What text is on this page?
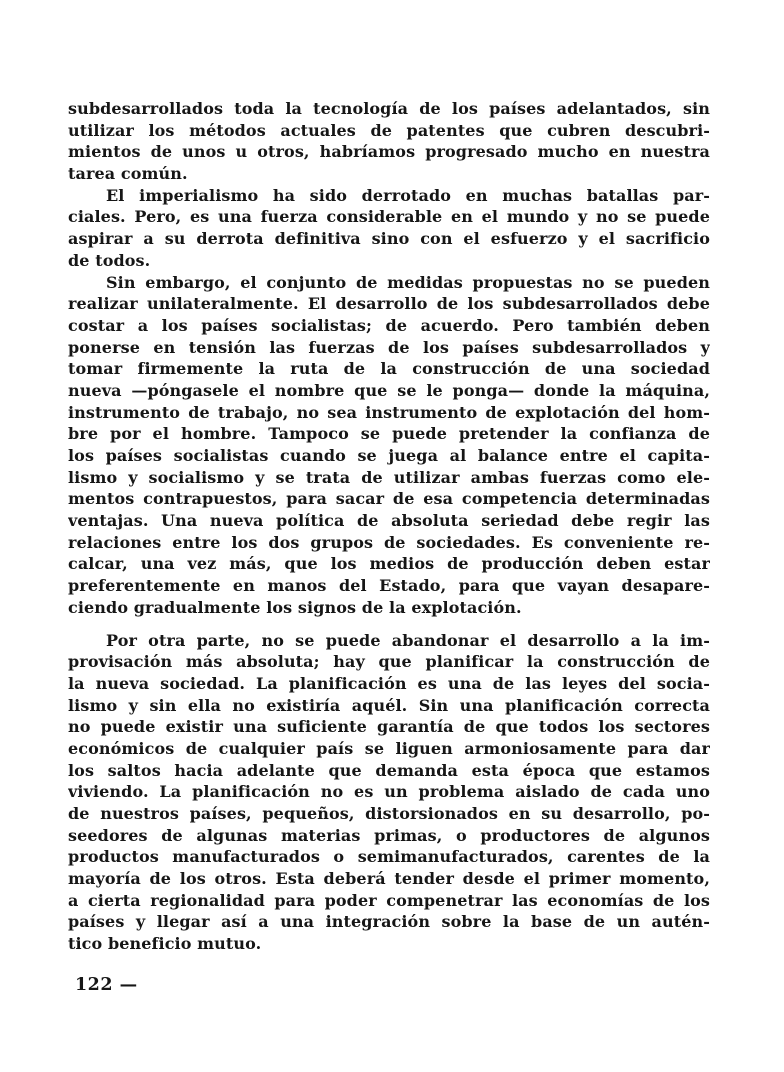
subdesarrollados toda la tecnología de los países adelantados, sin
utilizar los métodos actuales de patentes que cubren descubri-
mientos de unos u otros, habríamos progresado mucho en nuestra
tarea común.
El imperialismo ha sido derrotado en muchas batallas par-
ciales. Pero, es una fuerza considerable en el mundo y no se puede
aspirar a su derrota definitiva sino con el esfuerzo y el sacrificio
de todos.
Sin embargo, el conjunto de medidas propuestas no se pueden
realizar unilateralmente. El desarrollo de los subdesarrollados debe
costar a los países socialistas; de acuerdo. Pero también deben
ponerse en tensión las fuerzas de los países subdesarrollados y
tomar firmemente la ruta de la construcción de una sociedad
nueva —póngasele el nombre que se le ponga— donde la máquina,
instrumento de trabajo, no sea instrumento de explotación del hom-
bre por el hombre. Tampoco se puede pretender la confianza de
los países socialistas cuando se juega al balance entre el capita-
lismo y socialismo y se trata de utilizar ambas fuerzas como ele-
mentos contrapuestos, para sacar de esa competencia determinadas
ventajas. Una nueva política de absoluta seriedad debe regir las
relaciones entre los dos grupos de sociedades. Es conveniente re-
calcar, una vez más, que los medios de producción deben estar
preferentemente en manos del Estado, para que vayan desapare-
ciendo gradualmente los signos de la explotación.
Por otra parte, no se puede abandonar el desarrollo a la im-
provisación más absoluta; hay que planificar la construcción de
la nueva sociedad. La planificación es una de las leyes del socia-
lismo y sin ella no existiría aquél. Sin una planificación correcta
no puede existir una suficiente garantía de que todos los sectores
económicos de cualquier país se liguen armoniosamente para dar
los saltos hacia adelante que demanda esta época que estamos
viviendo. La planificación no es un problema aislado de cada uno
de nuestros países, pequeños, distorsionados en su desarrollo, po-
seedores de algunas materias primas, o productores de algunos
productos manufacturados o semimanufacturados, carentes de la
mayoría de los otros. Esta deberá tender desde el primer momento,
a cierta regionalidad para poder compenetrar las economías de los
países y llegar así a una integración sobre la base de un autén-
tico beneficio mutuo.
122 —
